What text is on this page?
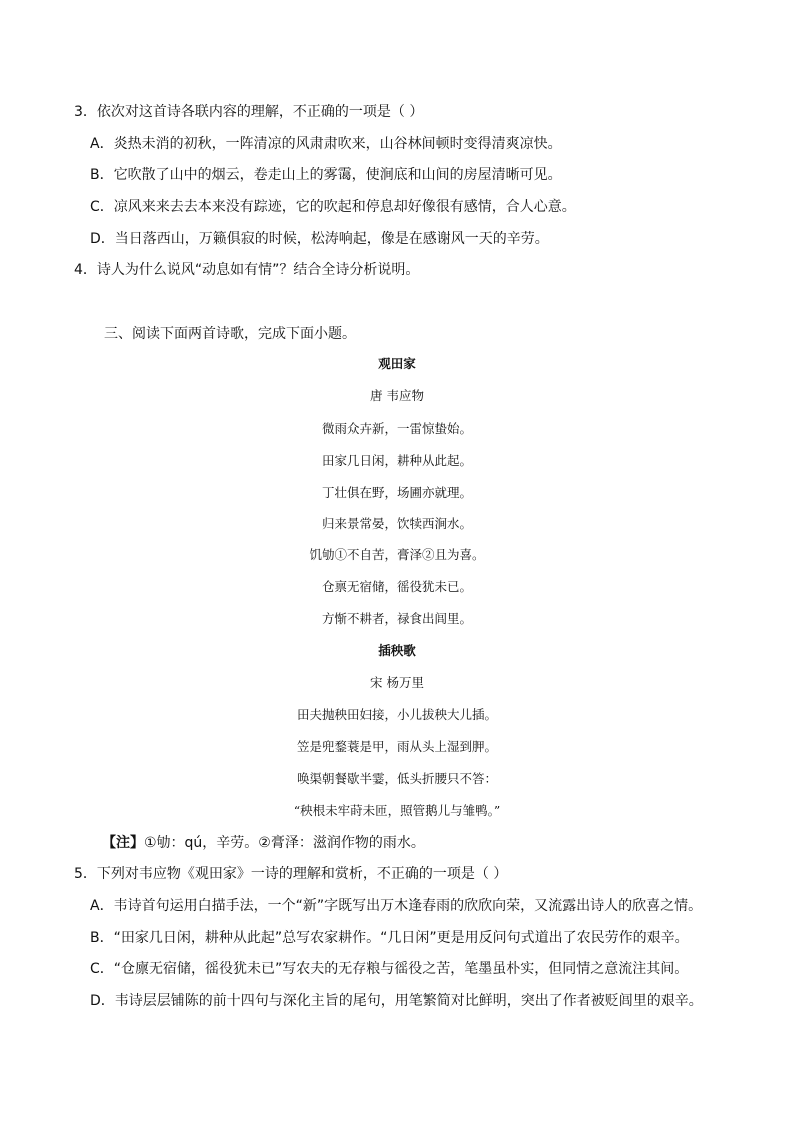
3．依次对这首诗各联内容的理解，不正确的一项是（ ）
A．炎热未消的初秋，一阵清凉的风肃肃吹来，山谷林间顿时变得清爽凉快。
B．它吹散了山中的烟云，卷走山上的雾霭，使涧底和山间的房屋清晰可见。
C．凉风来来去去本来没有踪迹，它的吹起和停息却好像很有感情，合人心意。
D．当日落西山，万籁俱寂的时候，松涛响起，像是在感谢风一天的辛劳。
4．诗人为什么说风“动息如有情”？结合全诗分析说明。
三、阅读下面两首诗歌，完成下面小题。
观田家
唐 韦应物
微雨众卉新，一雷惊蛰始。
田家几日闲，耕种从此起。
丁壮俱在野，场圃亦就理。
归来景常晏，饮犊西涧水。
饥劬①不自苦，膏泽②且为喜。
仓禀无宿储，徭役犹未已。
方惭不耕者，禄食出闾里。
插秧歌
宋 杨万里
田夫抛秧田妇接，小儿拔秧大儿插。
笠是兜鍪蓑是甲，雨从头上湿到胛。
唤渠朝餐歇半霎，低头折腰只不答：
“秧根未牢莳未匝，照管鹅儿与雏鸭。”
【注】①劬：qú，辛劳。②膏泽：滋润作物的雨水。
5．下列对韦应物《观田家》一诗的理解和赏析，不正确的一项是（ ）
A．韦诗首句运用白描手法，一个“新”字既写出万木逢春雨的欣欣向荣，又流露出诗人的欣喜之情。
B．“田家几日闲，耕种从此起”总写农家耕作。“几日闲”更是用反问句式道出了农民劳作的艰辛。
C．“仓廪无宿储，徭役犹未已”写农夫的无存粮与徭役之苦，笔墨虽朴实，但同情之意流注其间。
D．韦诗层层铺陈的前十四句与深化主旨的尾句，用笔繁简对比鲜明，突出了作者被贬闾里的艰辛。
